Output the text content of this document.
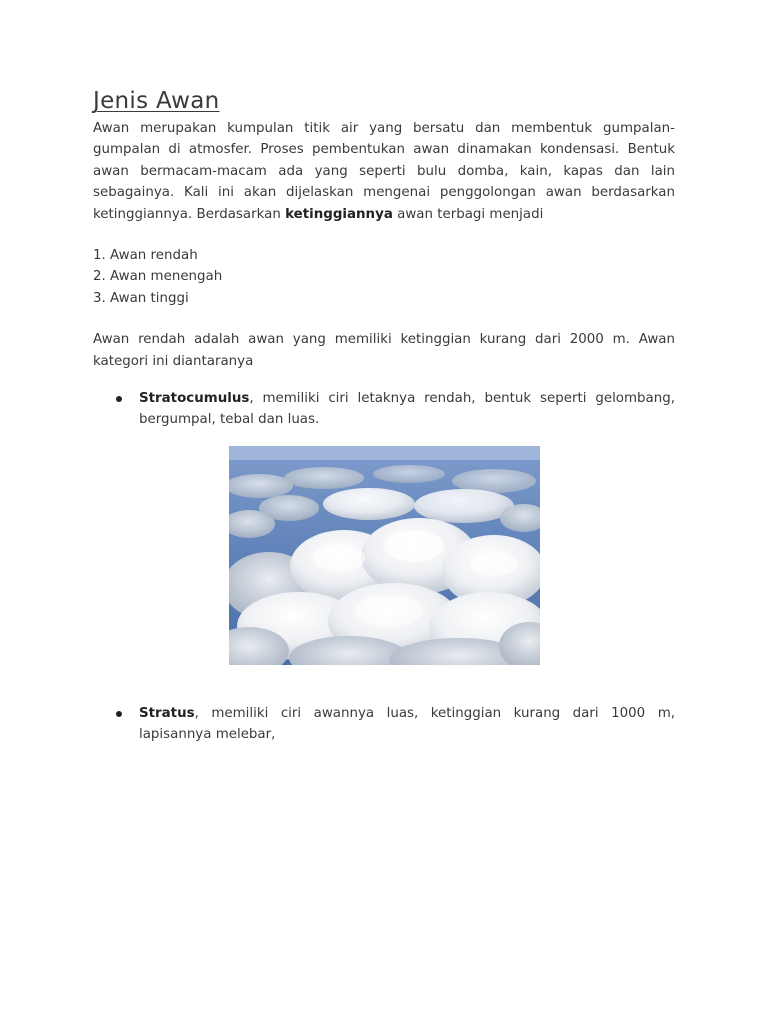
Jenis Awan

Awan merupakan kumpulan titik air yang bersatu dan membentuk gumpalan-gumpalan di atmosfer. Proses pembentukan awan dinamakan kondensasi. Bentuk awan bermacam-macam ada yang seperti bulu domba, kain, kapas dan lain sebagainya. Kali ini akan dijelaskan mengenai penggolongan awan berdasarkan ketinggiannya. Berdasarkan ketinggiannya awan terbagi menjadi

1. Awan rendah
2. Awan menengah
3. Awan tinggi

Awan rendah adalah awan yang memiliki ketinggian kurang dari 2000 m. Awan kategori ini diantaranya

Stratocumulus, memiliki ciri letaknya rendah, bentuk seperti gelombang, bergumpal, tebal dan luas.
Stratus, memiliki ciri awannya luas, ketinggian kurang dari 1000 m, lapisannya melebar,
